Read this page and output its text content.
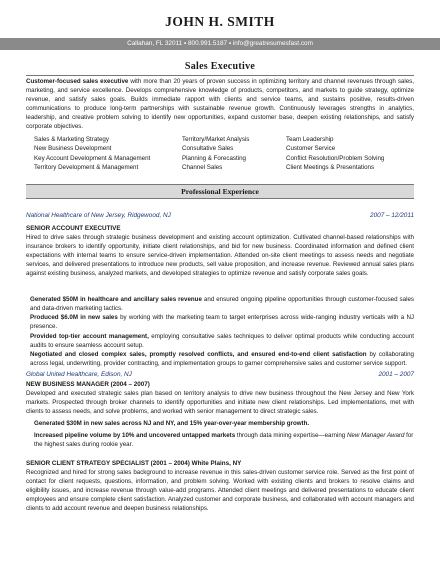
JOHN H. SMITH
Callahan, FL 32011 ▪ 800.991.5187 ▪ info@greatresumesfast.com
Sales Executive
Customer-focused sales executive with more than 20 years of proven success in optimizing territory and channel revenues through sales, marketing, and service excellence. Develops comprehensive knowledge of products, competitors, and markets to guide strategy, optimize revenue, and satisfy sales goals. Builds immediate rapport with clients and service teams, and sustains positive, results-driven communications to produce long-term partnerships with sustainable revenue growth. Continuously leverages strengths in analytics, leadership, and creative problem solving to identify new opportunities, expand customer base, deepen existing relationships, and satisfy corporate objectives.
Sales & Marketing Strategy
New Business Development
Key Account Development & Management
Territory Development & Management
Territory/Market Analysis
Consultative Sales
Planning & Forecasting
Channel Sales
Team Leadership
Customer Service
Conflict Resolution/Problem Solving
Client Meetings & Presentations
Professional Experience
National Healthcare of New Jersey, Ridgewood, NJ	2007 – 12/2011
SENIOR ACCOUNT EXECUTIVE
Hired to drive sales through strategic business development and existing account optimization. Cultivated channel-based relationships with insurance brokers to identify opportunity, initiate client relationships, and bid for new business. Coordinated information and defined client expectations with internal teams to ensure service-driven implementation. Attended on-site client meetings to assess needs and negotiate services, and delivered presentations to introduce new products, sell value proposition, and increase revenue. Reviewed annual sales plans against existing business, analyzed markets, and developed strategies to optimize revenue and satisfy corporate sales goals.
Generated $50M in healthcare and ancillary sales revenue and ensured ongoing pipeline opportunities through customer-focused sales and data-driven marketing tactics.
Produced $6.0M in new sales by working with the marketing team to target enterprises across wide-ranging industry verticals with a NJ presence.
Provided top-tier account management, employing consultative sales techniques to deliver optimal products while conducting account audits to ensure seamless account setup.
Negotiated and closed complex sales, promptly resolved conflicts, and ensured end-to-end client satisfaction by collaborating across legal, underwriting, provider contracting, and implementation groups to garner comprehensive sales and customer service support.
Global United Healthcare, Edison, NJ	2001 – 2007
NEW BUSINESS MANAGER (2004 – 2007)
Developed and executed strategic sales plan based on territory analysis to drive new business throughout the New Jersey and New York markets. Prospected through broker channels to identify opportunities and initiate new client relationships. Led implementations, met with clients to assess needs, and solve problems, and worked with senior management to direct strategic sales.
Generated $30M in new sales across NJ and NY, and 15% year-over-year membership growth.
Increased pipeline volume by 10% and uncovered untapped markets through data mining expertise—earning New Manager Award for the highest sales during rookie year.
SENIOR CLIENT STRATEGY SPECIALIST (2001 – 2004) White Plains, NY
Recognized and hired for strong sales background to increase revenue in this sales-driven customer service role. Served as the first point of contact for client requests, questions, information, and problem solving. Worked with existing clients and brokers to resolve claims and eligibility issues, and increase revenue through value-add programs. Attended client meetings and delivered presentations to educate client employees and ensure complete client satisfaction. Analyzed customer and corporate business, and collaborated with account managers and clients to add account revenue and deepen business relationships.
